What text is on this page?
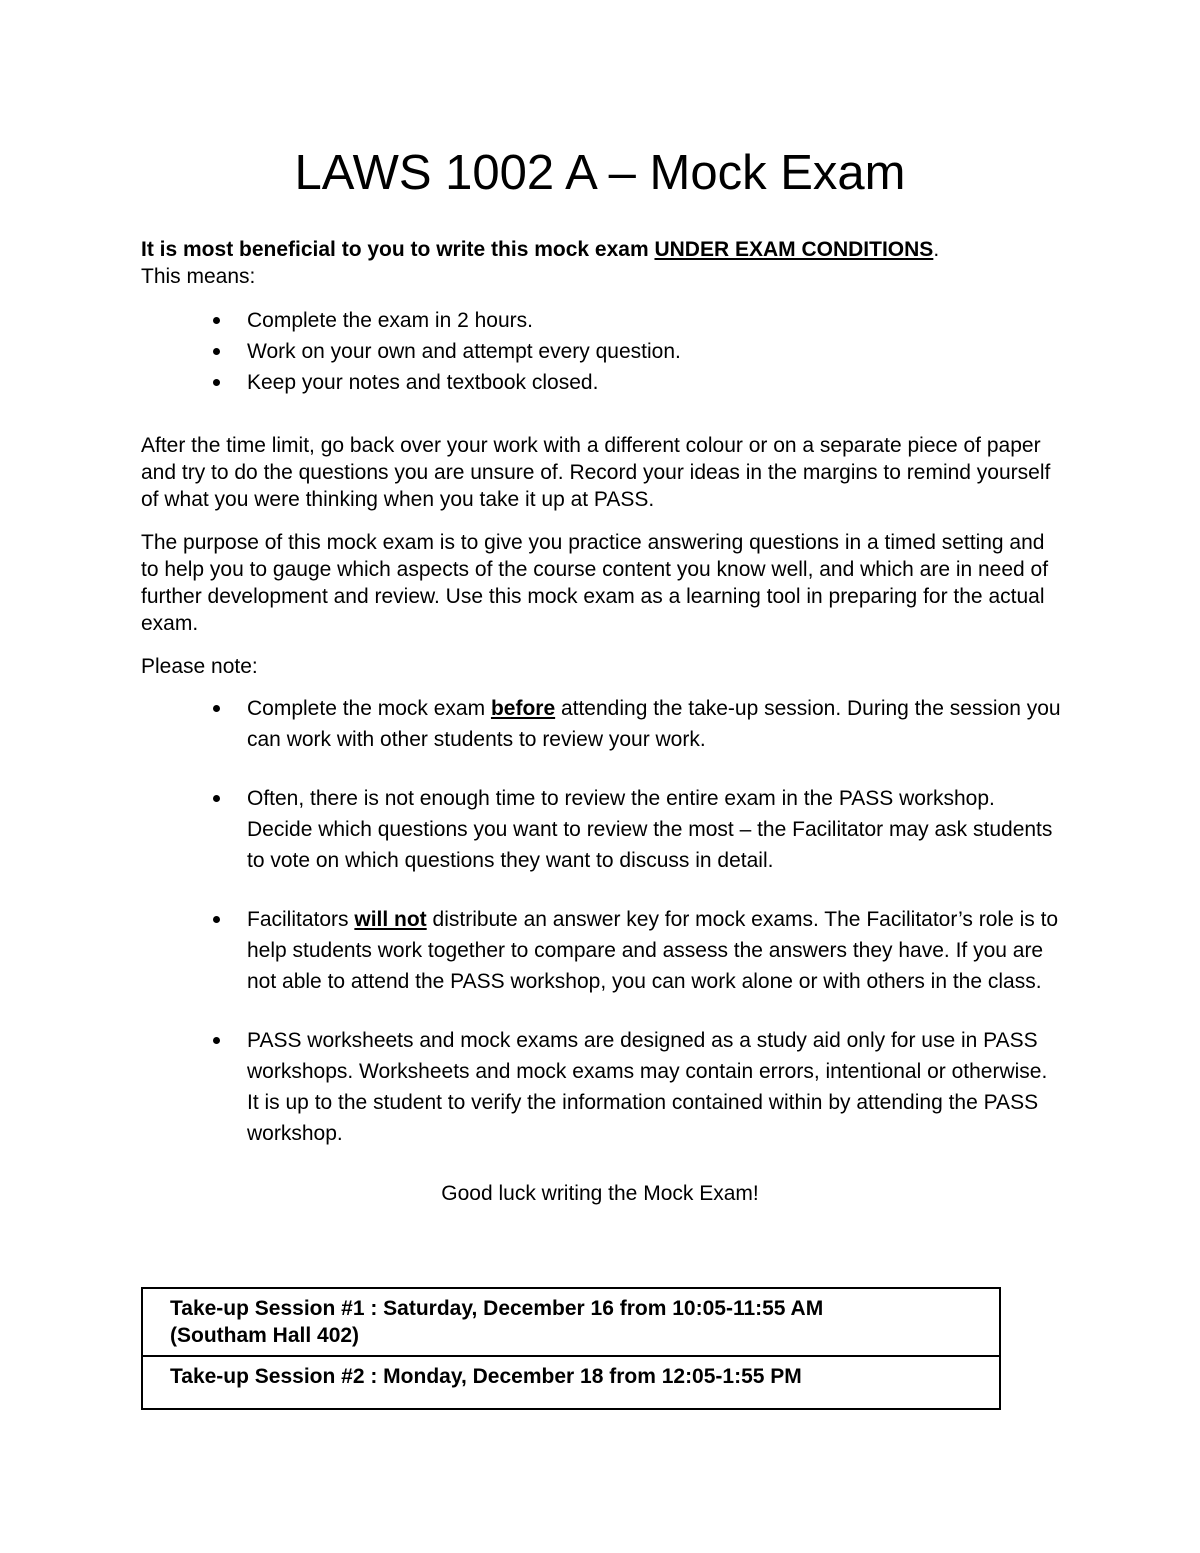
LAWS 1002 A – Mock Exam

It is most beneficial to you to write this mock exam UNDER EXAM CONDITIONS.
This means:

Complete the exam in 2 hours.
Work on your own and attempt every question.
Keep your notes and textbook closed.

After the time limit, go back over your work with a different colour or on a separate piece of paper and try to do the questions you are unsure of. Record your ideas in the margins to remind yourself of what you were thinking when you take it up at PASS.

The purpose of this mock exam is to give you practice answering questions in a timed setting and to help you to gauge which aspects of the course content you know well, and which are in need of further development and review. Use this mock exam as a learning tool in preparing for the actual exam.

Please note:

Complete the mock exam before attending the take-up session. During the session you can work with other students to review your work.
Often, there is not enough time to review the entire exam in the PASS workshop. Decide which questions you want to review the most – the Facilitator may ask students to vote on which questions they want to discuss in detail.
Facilitators will not distribute an answer key for mock exams. The Facilitator’s role is to help students work together to compare and assess the answers they have. If you are not able to attend the PASS workshop, you can work alone or with others in the class.
PASS worksheets and mock exams are designed as a study aid only for use in PASS workshops. Worksheets and mock exams may contain errors, intentional or otherwise. It is up to the student to verify the information contained within by attending the PASS workshop.

Good luck writing the Mock Exam!

Take-up Session #1 : Saturday, December 16 from 10:05-11:55 AM
(Southam Hall 402)
Take-up Session #2 : Monday, December 18 from 12:05-1:55 PM
